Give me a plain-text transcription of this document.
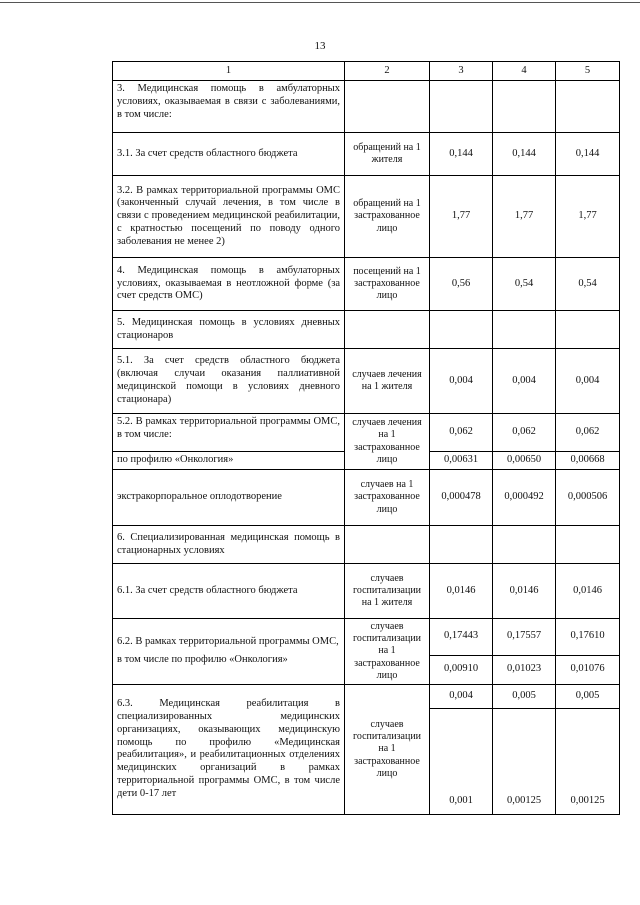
13
1	2	3	4	5
3. Медицинская помощь в амбулаторных условиях, оказываемая в связи с заболеваниями, в том числе:				
3.1. За счет средств областного бюджета	обращений на 1 жителя	0,144	0,144	0,144
3.2. В рамках территориальной программы ОМС (законченный случай лечения, в том числе в связи с проведением медицинской реабилитации, с кратностью посещений по поводу одного заболевания не менее 2)	обращений на 1 застрахованное лицо	1,77	1,77	1,77
4. Медицинская помощь в амбулаторных условиях, оказываемая в неотложной форме (за счет средств ОМС)	посещений на 1 застрахованное лицо	0,56	0,54	0,54
5. Медицинская помощь в условиях дневных стационаров				
5.1. За счет средств областного бюджета (включая случаи оказания паллиативной медицинской помощи в условиях дневного стационара)	случаев лечения на 1 жителя	0,004	0,004	0,004
5.2. В рамках территориальной программы ОМС, в том числе:	случаев лечения на 1 застрахованное лицо	0,062	0,062	0,062
по профилю «Онкология»		0,00631	0,00650	0,00668
экстракорпоральное оплодотворение	случаев на 1 застрахованное лицо	0,000478	0,000492	0,000506
6. Специализированная медицинская помощь в стационарных условиях				
6.1. За счет средств областного бюджета	случаев госпитализации на 1 жителя	0,0146	0,0146	0,0146

6.2. В рамках территориальной программы ОМС,
в том числе по профилю «Онкология»	случаев госпитализации на 1 застрахованное лицо	0,17443	0,17557	0,17610
		0,00910	0,01023	0,01076
6.3. Медицинская реабилитация в специализированных медицинских организациях, оказывающих медицинскую помощь по профилю «Медицинская реабилитация», и реабилитационных отделениях медицинских организаций в рамках территориальной программы ОМС, в том числе дети 0-17 лет	случаев госпитализации на 1 застрахованное лицо	0,004	0,005	0,005
		0,001	0,00125	0,00125
